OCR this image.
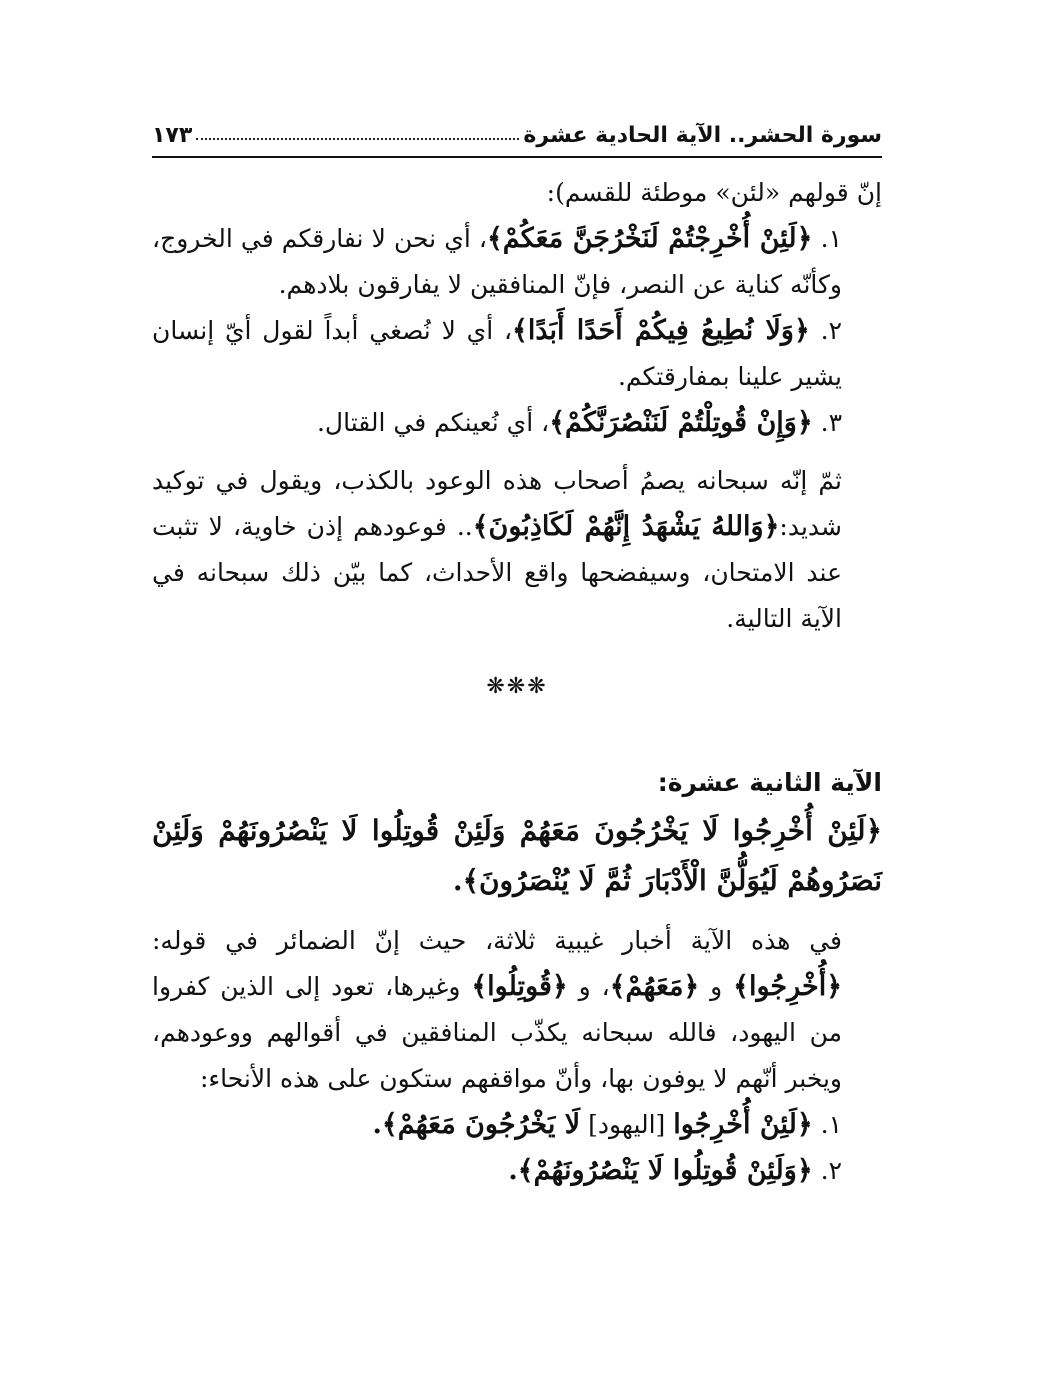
سورة الحشر.. الآية الحادية عشرة
١٧٣

إنّ قولهم «لئن» موطئة للقسم):

١. ﴿لَئِنْ أُخْرِجْتُمْ لَنَخْرُجَنَّ مَعَكُمْ﴾، أي نحن لا نفارقكم في الخروج، وكأنّه كناية عن النصر، فإنّ المنافقين لا يفارقون بلادهم.

٢. ﴿وَلَا نُطِيعُ فِيكُمْ أَحَدًا أَبَدًا﴾، أي لا نُصغي أبداً لقول أيّ إنسان يشير علينا بمفارقتكم.

٣. ﴿وَإِنْ قُوتِلْتُمْ لَنَنْصُرَنَّكُمْ﴾، أي نُعينكم في القتال.

ثمّ إنّه سبحانه يصمُ أصحاب هذه الوعود بالكذب، ويقول في توكيد شديد:﴿وَاللهُ يَشْهَدُ إِنَّهُمْ لَكَاذِبُونَ﴾.. فوعودهم إذن خاوية، لا تثبت عند الامتحان، وسيفضحها واقع الأحداث، كما بيّن ذلك سبحانه في الآية التالية.

❋❋❋

الآية الثانية عشرة:

﴿لَئِنْ أُخْرِجُوا لَا يَخْرُجُونَ مَعَهُمْ وَلَئِنْ قُوتِلُوا لَا يَنْصُرُونَهُمْ وَلَئِنْ نَصَرُوهُمْ لَيُوَلُّنَّ الْأَدْبَارَ ثُمَّ لَا يُنْصَرُونَ﴾.

في هذه الآية أخبار غيبية ثلاثة، حيث إنّ الضمائر في قوله: ﴿أُخْرِجُوا﴾ و ﴿مَعَهُمْ﴾، و ﴿قُوتِلُوا﴾ وغيرها، تعود إلى الذين كفروا من اليهود، فالله سبحانه يكذّب المنافقين في أقوالهم ووعودهم، ويخبر أنّهم لا يوفون بها، وأنّ مواقفهم ستكون على هذه الأنحاء:

١. ﴿لَئِنْ أُخْرِجُوا [اليهود] لَا يَخْرُجُونَ مَعَهُمْ﴾.

٢. ﴿وَلَئِنْ قُوتِلُوا لَا يَنْصُرُونَهُمْ﴾.
